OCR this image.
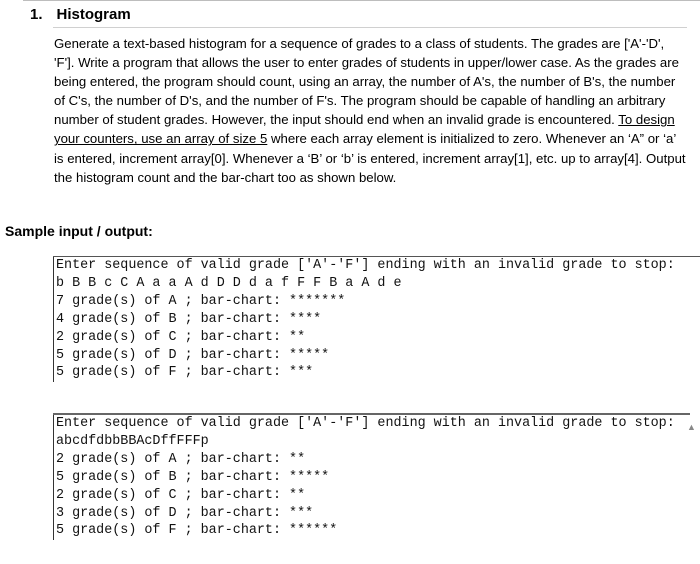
1. Histogram

Generate a text-based histogram for a sequence of grades to a class of students. The grades are ['A'-'D', 'F']. Write a program that allows the user to enter grades of students in upper/lower case. As the grades are being entered, the program should count, using an array, the number of A's, the number of B's, the number of C's, the number of D's, and the number of F's. The program should be capable of handling an arbitrary number of student grades. However, the input should end when an invalid grade is encountered. To design your counters, use an array of size 5 where each array element is initialized to zero. Whenever an ‘A” or ‘a’ is entered, increment array[0]. Whenever a ‘B’ or ‘b’ is entered, increment array[1], etc. up to array[4]. Output the histogram count and the bar-chart too as shown below.

Sample input / output:
Enter sequence of valid grade ['A'-'F'] ending with an invalid grade to stop:
b B B c C A a a A d D D d a f F F B a A d e
7 grade(s) of A ; bar-chart: *******
4 grade(s) of B ; bar-chart: ****
2 grade(s) of C ; bar-chart: **
5 grade(s) of D ; bar-chart: *****
5 grade(s) of F ; bar-chart: ***
Enter sequence of valid grade ['A'-'F'] ending with an invalid grade to stop:
abcdfdbbBBAcDffFFFp
2 grade(s) of A ; bar-chart: **
5 grade(s) of B ; bar-chart: *****
2 grade(s) of C ; bar-chart: **
3 grade(s) of D ; bar-chart: ***
5 grade(s) of F ; bar-chart: ******
▲
